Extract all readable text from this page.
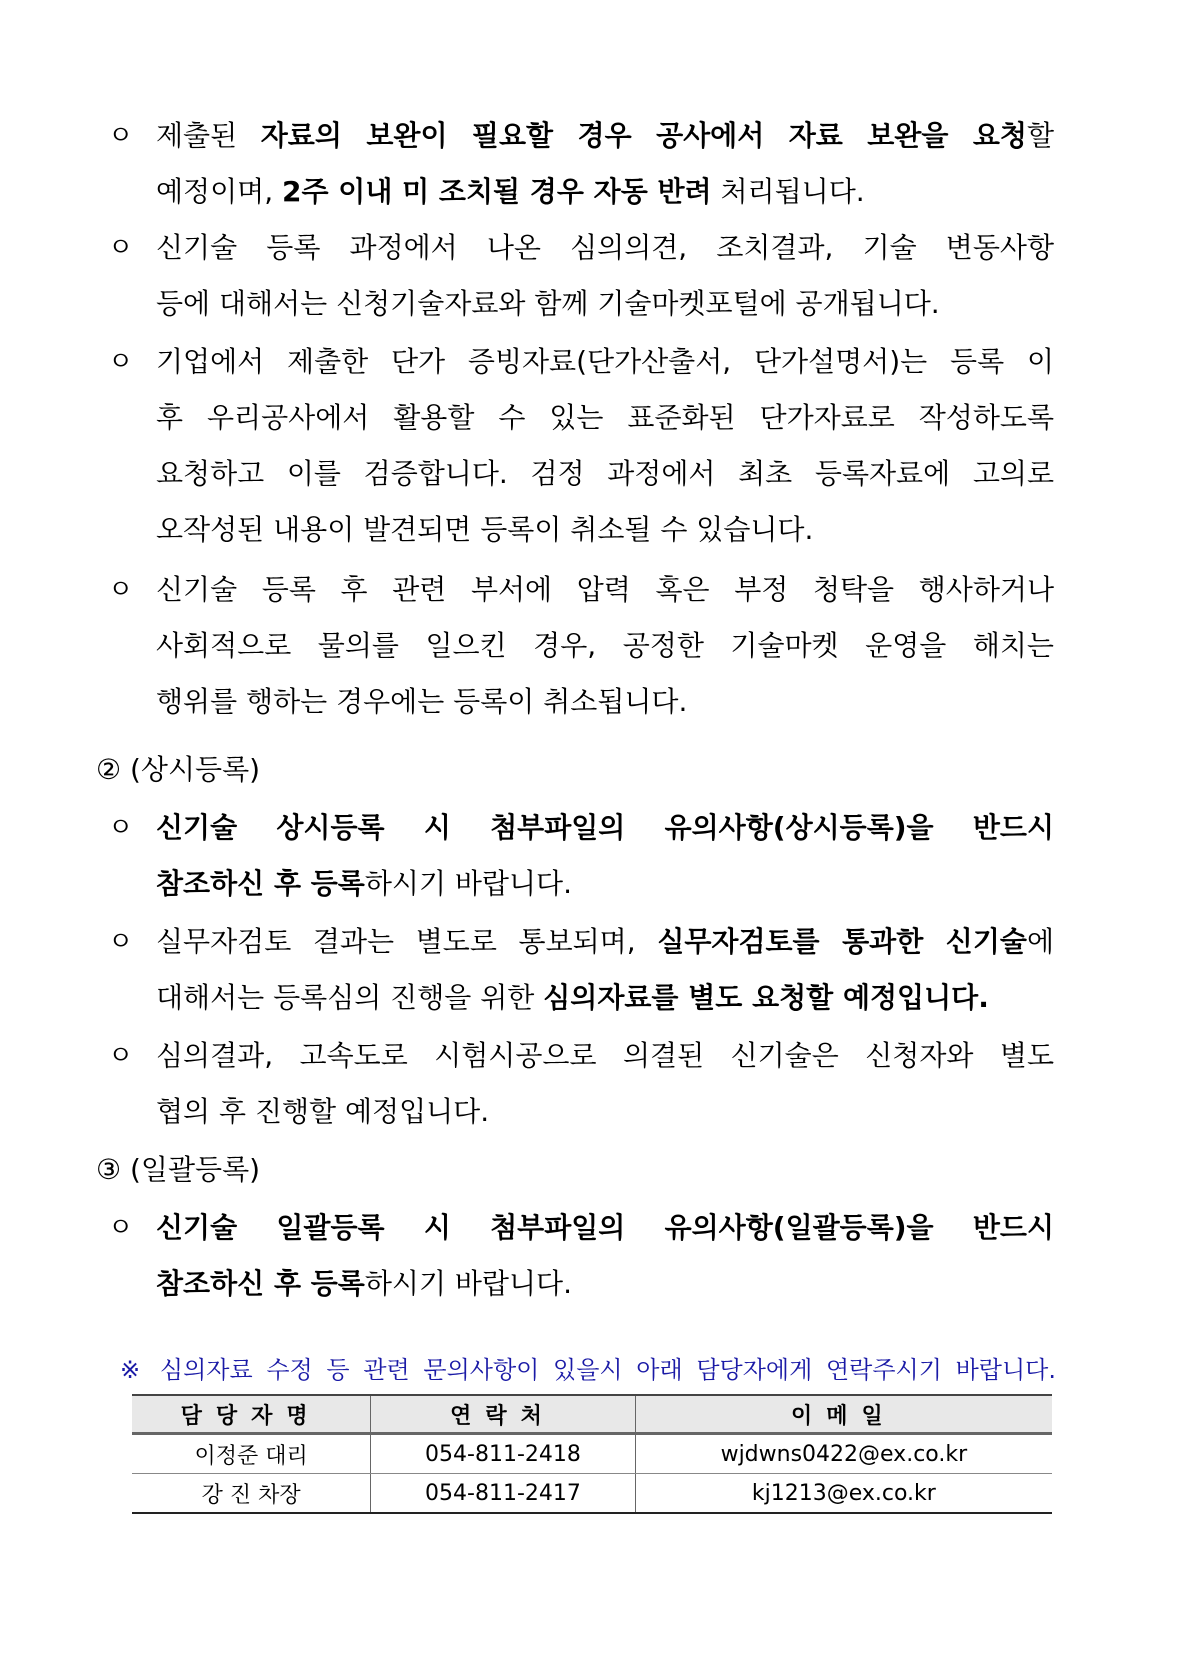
ㅇ 제출된 자료의 보완이 필요할 경우 공사에서 자료 보완을 요청할
예정이며, 2주 이내 미 조치될 경우 자동 반려 처리됩니다.
ㅇ 신기술 등록 과정에서 나온 심의의견, 조치결과, 기술 변동사항
등에 대해서는 신청기술자료와 함께 기술마켓포털에 공개됩니다.
ㅇ 기업에서 제출한 단가 증빙자료(단가산출서, 단가설명서)는 등록 이
후 우리공사에서 활용할 수 있는 표준화된 단가자료로 작성하도록
요청하고 이를 검증합니다. 검정 과정에서 최초 등록자료에 고의로
오작성된 내용이 발견되면 등록이 취소될 수 있습니다.
ㅇ 신기술 등록 후 관련 부서에 압력 혹은 부정 청탁을 행사하거나
사회적으로 물의를 일으킨 경우, 공정한 기술마켓 운영을 해치는
행위를 행하는 경우에는 등록이 취소됩니다.
② (상시등록)
ㅇ 신기술 상시등록 시 첨부파일의 유의사항(상시등록)을 반드시
참조하신 후 등록하시기 바랍니다.
ㅇ 실무자검토 결과는 별도로 통보되며, 실무자검토를 통과한 신기술에
대해서는 등록심의 진행을 위한 심의자료를 별도 요청할 예정입니다.
ㅇ 심의결과, 고속도로 시험시공으로 의결된 신기술은 신청자와 별도
협의 후 진행할 예정입니다.
③ (일괄등록)
ㅇ 신기술 일괄등록 시 첨부파일의 유의사항(일괄등록)을 반드시
참조하신 후 등록하시기 바랍니다.
※ 심의자료 수정 등 관련 문의사항이 있을시 아래 담당자에게 연락주시기 바랍니다.
담당자명	연락처	이메일
이정준 대리	054-811-2418	wjdwns0422@ex.co.kr
강 진 차장	054-811-2417	kj1213@ex.co.kr
